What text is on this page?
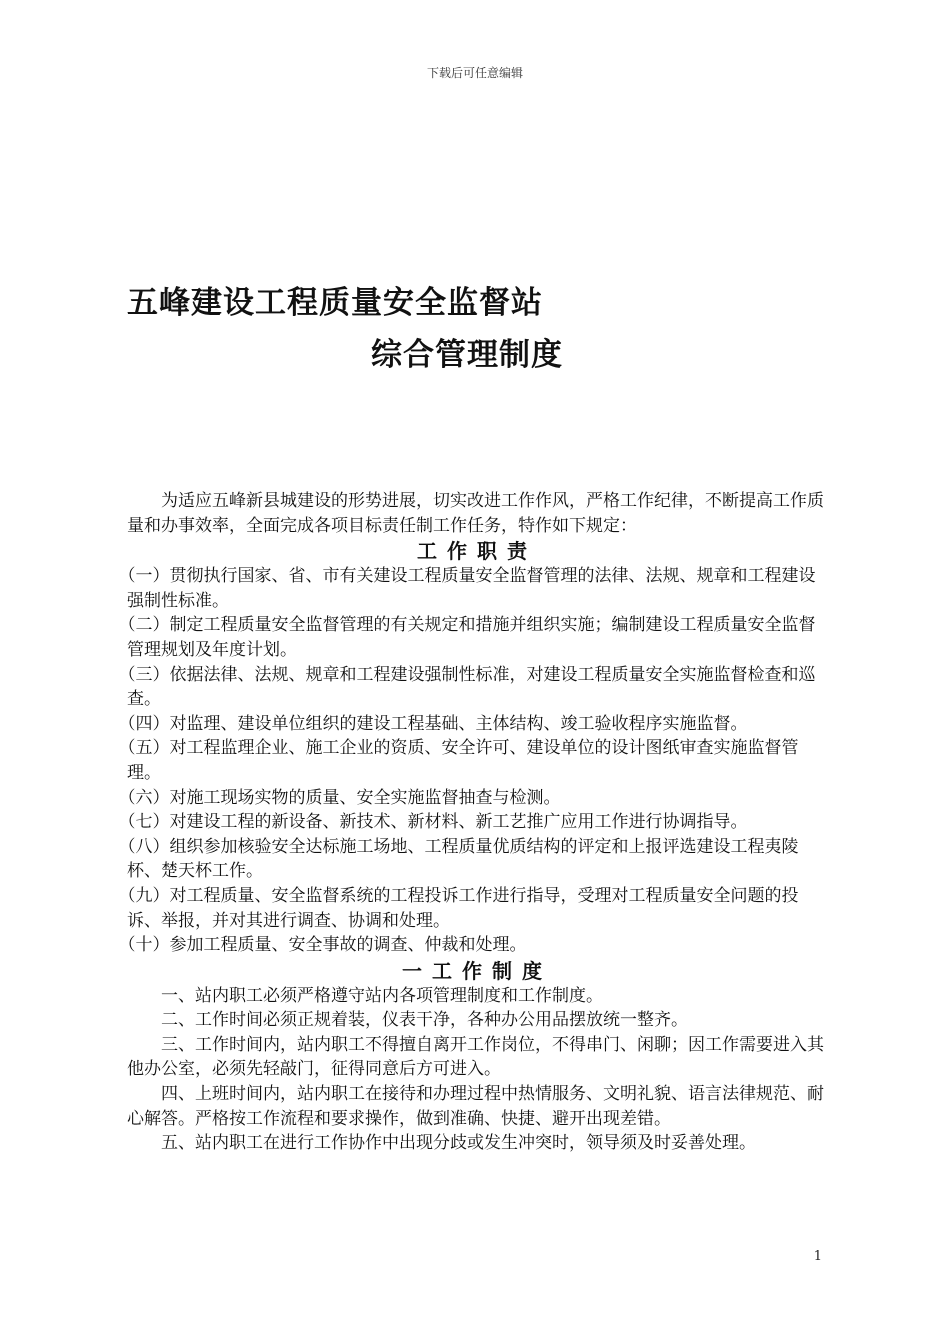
下载后可任意编辑
五峰建设工程质量安全监督站
综合管理制度

为适应五峰新县城建设的形势进展，切实改进工作作风，严格工作纪律，不断提高工作质量和办事效率，全面完成各项目标责任制工作任务，特作如下规定：

工作职责

（一）贯彻执行国家、省、市有关建设工程质量安全监督管理的法律、法规、规章和工程建设强制性标准。

（二）制定工程质量安全监督管理的有关规定和措施并组织实施；编制建设工程质量安全监督管理规划及年度计划。

（三）依据法律、法规、规章和工程建设强制性标准，对建设工程质量安全实施监督检查和巡查。

（四）对监理、建设单位组织的建设工程基础、主体结构、竣工验收程序实施监督。

（五）对工程监理企业、施工企业的资质、安全许可、建设单位的设计图纸审查实施监督管理。

（六）对施工现场实物的质量、安全实施监督抽查与检测。

（七）对建设工程的新设备、新技术、新材料、新工艺推广应用工作进行协调指导。

（八）组织参加核验安全达标施工场地、工程质量优质结构的评定和上报评选建设工程夷陵杯、楚天杯工作。

（九）对工程质量、安全监督系统的工程投诉工作进行指导，受理对工程质量安全问题的投诉、举报，并对其进行调查、协调和处理。

（十）参加工程质量、安全事故的调查、仲裁和处理。

一工作制度

一、站内职工必须严格遵守站内各项管理制度和工作制度。

二、工作时间必须正规着装，仪表干净，各种办公用品摆放统一整齐。

三、工作时间内，站内职工不得擅自离开工作岗位，不得串门、闲聊；因工作需要进入其他办公室，必须先轻敲门，征得同意后方可进入。

四、上班时间内，站内职工在接待和办理过程中热情服务、文明礼貌、语言法律规范、耐心解答。严格按工作流程和要求操作，做到准确、快捷、避开出现差错。

五、站内职工在进行工作协作中出现分歧或发生冲突时，领导须及时妥善处理。

1
